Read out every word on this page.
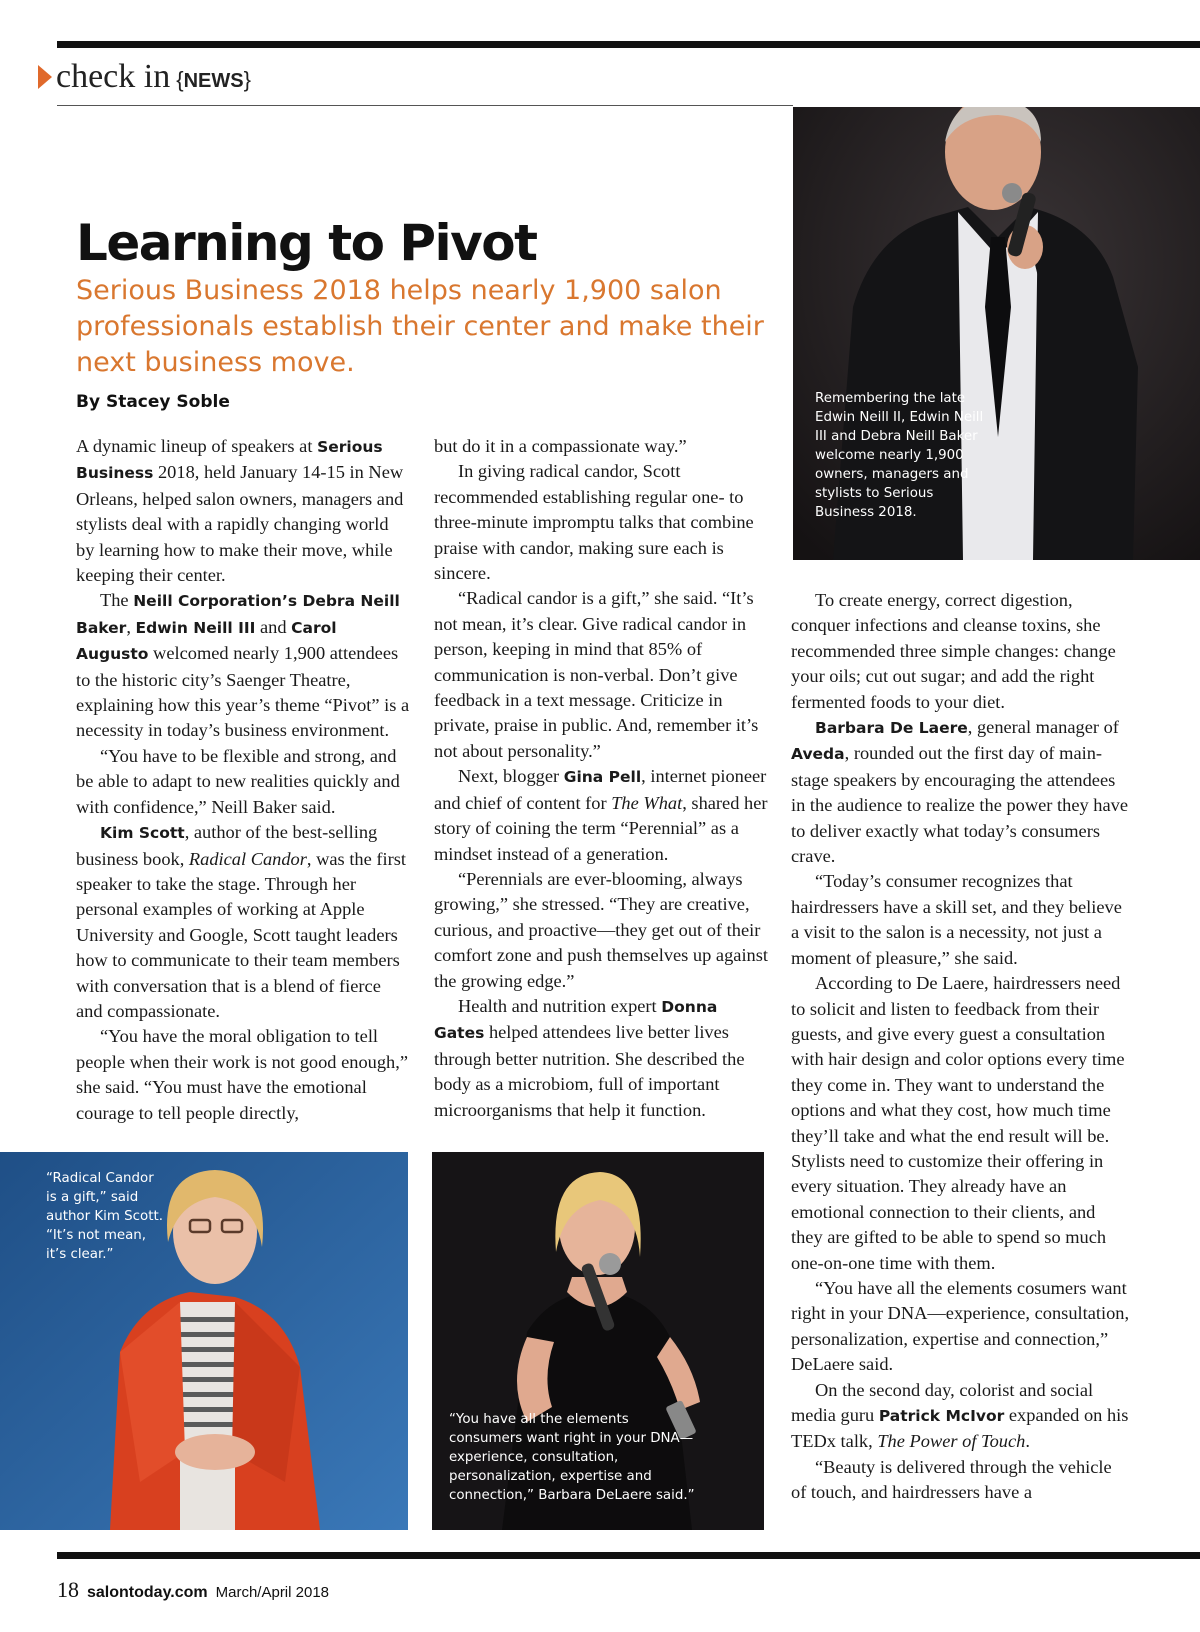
check in {NEWS}
Learning to Pivot
Serious Business 2018 helps nearly 1,900 salon professionals establish their center and make their next business move.
By Stacey Soble	Remembering the late Edwin Neill II, Edwin Neill III and Debra Neill Baker welcome nearly 1,900 owners, managers and stylists to Serious Business 2018.

A dynamic lineup of speakers at Serious Business 2018, held January 14-15 in New Orleans, helped salon owners, managers and stylists deal with a rapidly changing world by learning how to make their move, while keeping their center.

The Neill Corporation’s Debra Neill Baker, Edwin Neill III and Carol Augusto welcomed nearly 1,900 attendees to the historic city’s Saenger Theatre, explaining how this year’s theme “Pivot” is a necessity in today’s business environment.

“You have to be flexible and strong, and be able to adapt to new realities quickly and with confidence,” Neill Baker said.

Kim Scott, author of the best-selling business book, Radical Candor, was the first speaker to take the stage. Through her personal examples of working at Apple University and Google, Scott taught leaders how to communicate to their team members with conversation that is a blend of fierce and compassionate.

“You have the moral obligation to tell people when their work is not good enough,” she said. “You must have the emotional courage to tell people directly,

but do it in a compassionate way.”

In giving radical candor, Scott recommended establishing regular one- to three-minute impromptu talks that combine praise with candor, making sure each is sincere.

“Radical candor is a gift,” she said. “It’s not mean, it’s clear. Give radical candor in person, keeping in mind that 85% of communication is non-verbal. Don’t give feedback in a text message. Criticize in private, praise in public. And, remember it’s not about personality.”

Next, blogger Gina Pell, internet pioneer and chief of content for The What, shared her story of coining the term “Perennial” as a mindset instead of a generation.

“Perennials are ever-blooming, always growing,” she stressed. “They are creative, curious, and proactive—they get out of their comfort zone and push themselves up against the growing edge.”

Health and nutrition expert Donna Gates helped attendees live better lives through better nutrition. She described the body as a microbiom, full of important microorganisms that help it function.

To create energy, correct digestion, conquer infections and cleanse toxins, she recommended three simple changes: change your oils; cut out sugar; and add the right fermented foods to your diet.

Barbara De Laere, general manager of Aveda, rounded out the first day of main-stage speakers by encouraging the attendees in the audience to realize the power they have to deliver exactly what today’s consumers crave.

“Today’s consumer recognizes that hairdressers have a skill set, and they believe a visit to the salon is a necessity, not just a moment of pleasure,” she said.

According to De Laere, hairdressers need to solicit and listen to feedback from their guests, and give every guest a consultation with hair design and color options every time they come in. They want to understand the options and what they cost, how much time they’ll take and what the end result will be. Stylists need to customize their offering in every situation. They already have an emotional connection to their clients, and they are gifted to be able to spend so much one-on-one time with them.

“You have all the elements cosumers want right in your DNA—experience, consultation, personalization, expertise and connection,” DeLaere said.

On the second day, colorist and social media guru Patrick McIvor expanded on his TEDx talk, The Power of Touch.

“Beauty is delivered through the vehicle of touch, and hairdressers have a

“Radical Candor is a gift,” said author Kim Scott. “It’s not mean, it’s clear.”
“You have all the elements consumers want right in your DNA—experience, consultation, personalization, expertise and connection,” Barbara DeLaere said.”
18 salontoday.com March/April 2018
